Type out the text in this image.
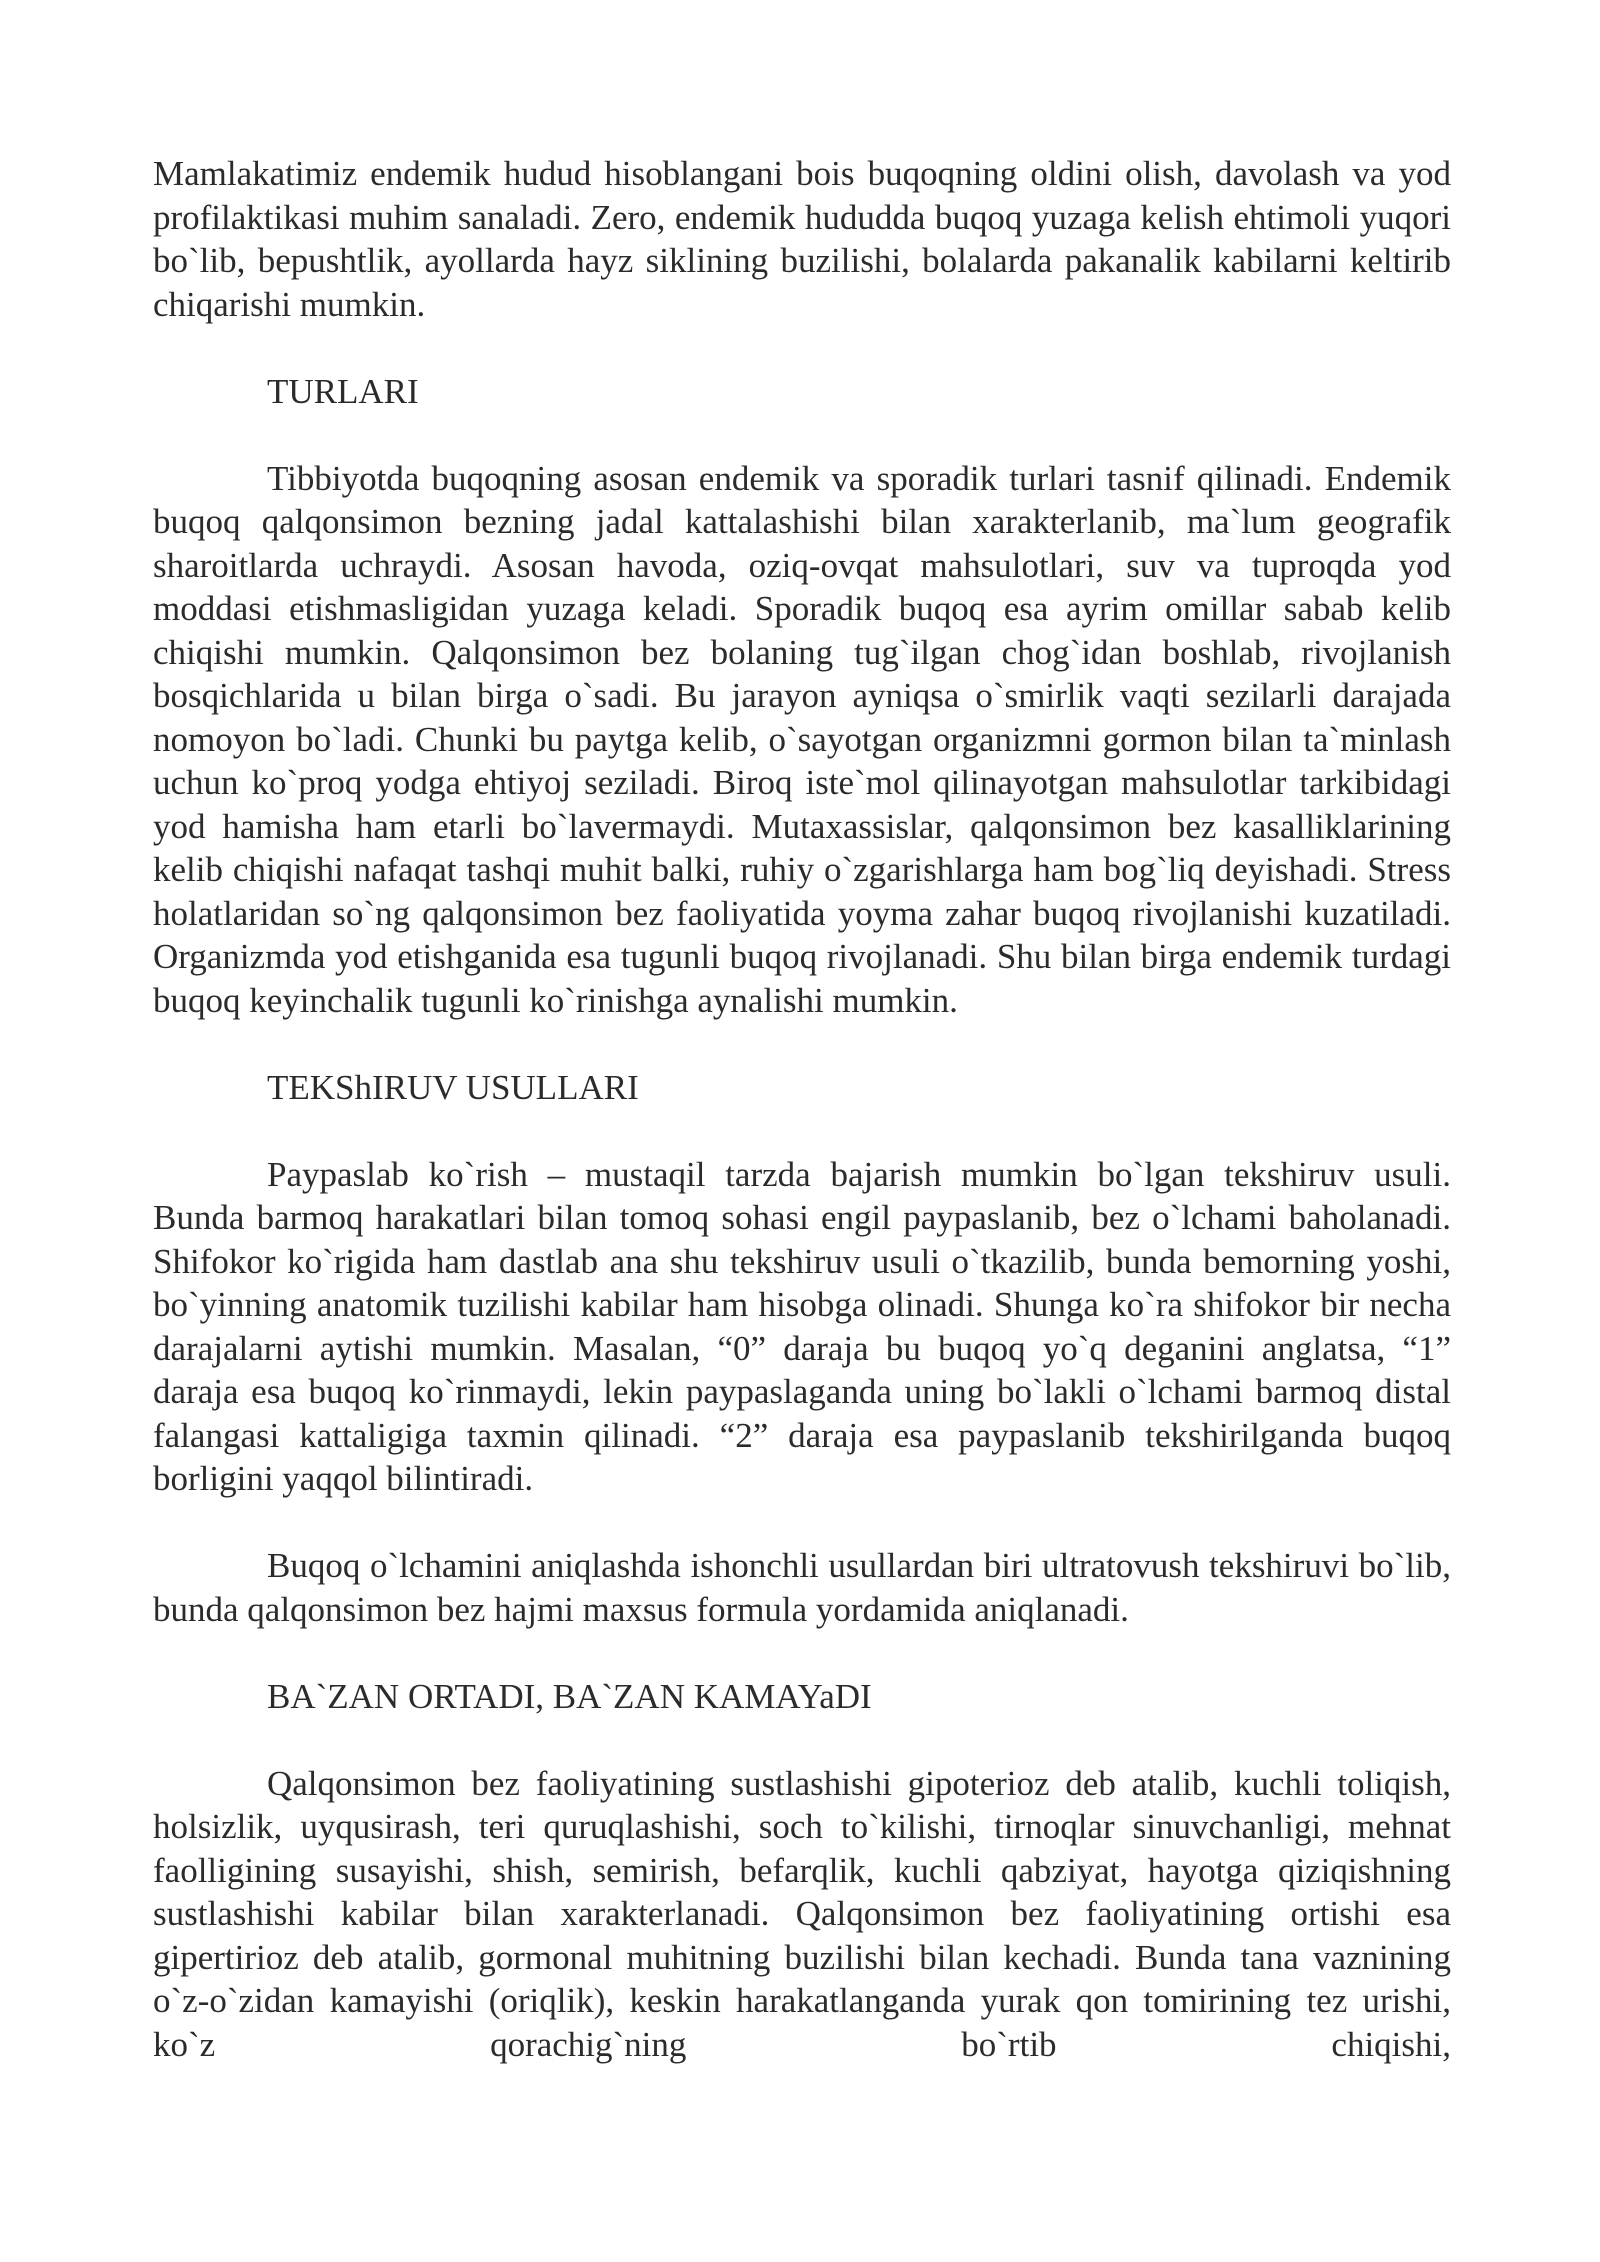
Mamlakatimiz endemik hudud hisoblangani bois buqoqning oldini olish, davolash va yod profilaktikasi muhim sanaladi. Zero, endemik hududda buqoq yuzaga kelish ehtimoli yuqori bo`lib, bepushtlik, ayollarda hayz siklining buzilishi, bolalarda pakanalik kabilarni keltirib chiqarishi mumkin.

TURLARI

Tibbiyotda buqoqning asosan endemik va sporadik turlari tasnif qilinadi. Endemik buqoq qalqonsimon bezning jadal kattalashishi bilan xarakterlanib, ma`lum geografik sharoitlarda uchraydi. Asosan havoda, oziq-ovqat mahsulotlari, suv va tuproqda yod moddasi etishmasligidan yuzaga keladi. Sporadik buqoq esa ayrim omillar sabab kelib chiqishi mumkin. Qalqonsimon bez bolaning tug`ilgan chog`idan boshlab, rivojlanish bosqichlarida u bilan birga o`sadi. Bu jarayon ayniqsa o`smirlik vaqti sezilarli darajada nomoyon bo`ladi. Chunki bu paytga kelib, o`sayotgan organizmni gormon bilan ta`minlash uchun ko`proq yodga ehtiyoj seziladi. Biroq iste`mol qilinayotgan mahsulotlar tarkibidagi yod hamisha ham etarli bo`lavermaydi. Mutaxassislar, qalqonsimon bez kasalliklarining kelib chiqishi nafaqat tashqi muhit balki, ruhiy o`zgarishlarga ham bog`liq deyishadi. Stress holatlaridan so`ng qalqonsimon bez faoliyatida yoyma zahar buqoq rivojlanishi kuzatiladi. Organizmda yod etishganida esa tugunli buqoq rivojlanadi. Shu bilan birga endemik turdagi buqoq keyinchalik tugunli ko`rinishga aynalishi mumkin.

TEKShIRUV USULLARI

Paypaslab ko`rish – mustaqil tarzda bajarish mumkin bo`lgan tekshiruv usuli. Bunda barmoq harakatlari bilan tomoq sohasi engil paypaslanib, bez o`lchami baholanadi. Shifokor ko`rigida ham dastlab ana shu tekshiruv usuli o`tkazilib, bunda bemorning yoshi, bo`yinning anatomik tuzilishi kabilar ham hisobga olinadi. Shunga ko`ra shifokor bir necha darajalarni aytishi mumkin. Masalan, “0” daraja bu buqoq yo`q deganini anglatsa, “1” daraja esa buqoq ko`rinmaydi, lekin paypaslaganda uning bo`lakli o`lchami barmoq distal falangasi kattaligiga taxmin qilinadi. “2” daraja esa paypaslanib tekshirilganda buqoq borligini yaqqol bilintiradi.

Buqoq o`lchamini aniqlashda ishonchli usullardan biri ultratovush tekshiruvi bo`lib, bunda qalqonsimon bez hajmi maxsus formula yordamida aniqlanadi.

BA`ZAN ORTADI, BA`ZAN KAMAYaDI

Qalqonsimon bez faoliyatining sustlashishi gipoterioz deb atalib, kuchli toliqish, holsizlik, uyqusirash, teri quruqlashishi, soch to`kilishi, tirnoqlar sinuvchanligi, mehnat faolligining susayishi, shish, semirish, befarqlik, kuchli qabziyat, hayotga qiziqishning sustlashishi kabilar bilan xarakterlanadi. Qalqonsimon bez faoliyatining ortishi esa gipertirioz deb atalib, gormonal muhitning buzilishi bilan kechadi. Bunda tana vaznining o`z-o`zidan kamayishi (oriqlik), keskin harakatlanganda yurak qon tomirining tez urishi, ko`z qorachig`ning bo`rtib chiqishi,
